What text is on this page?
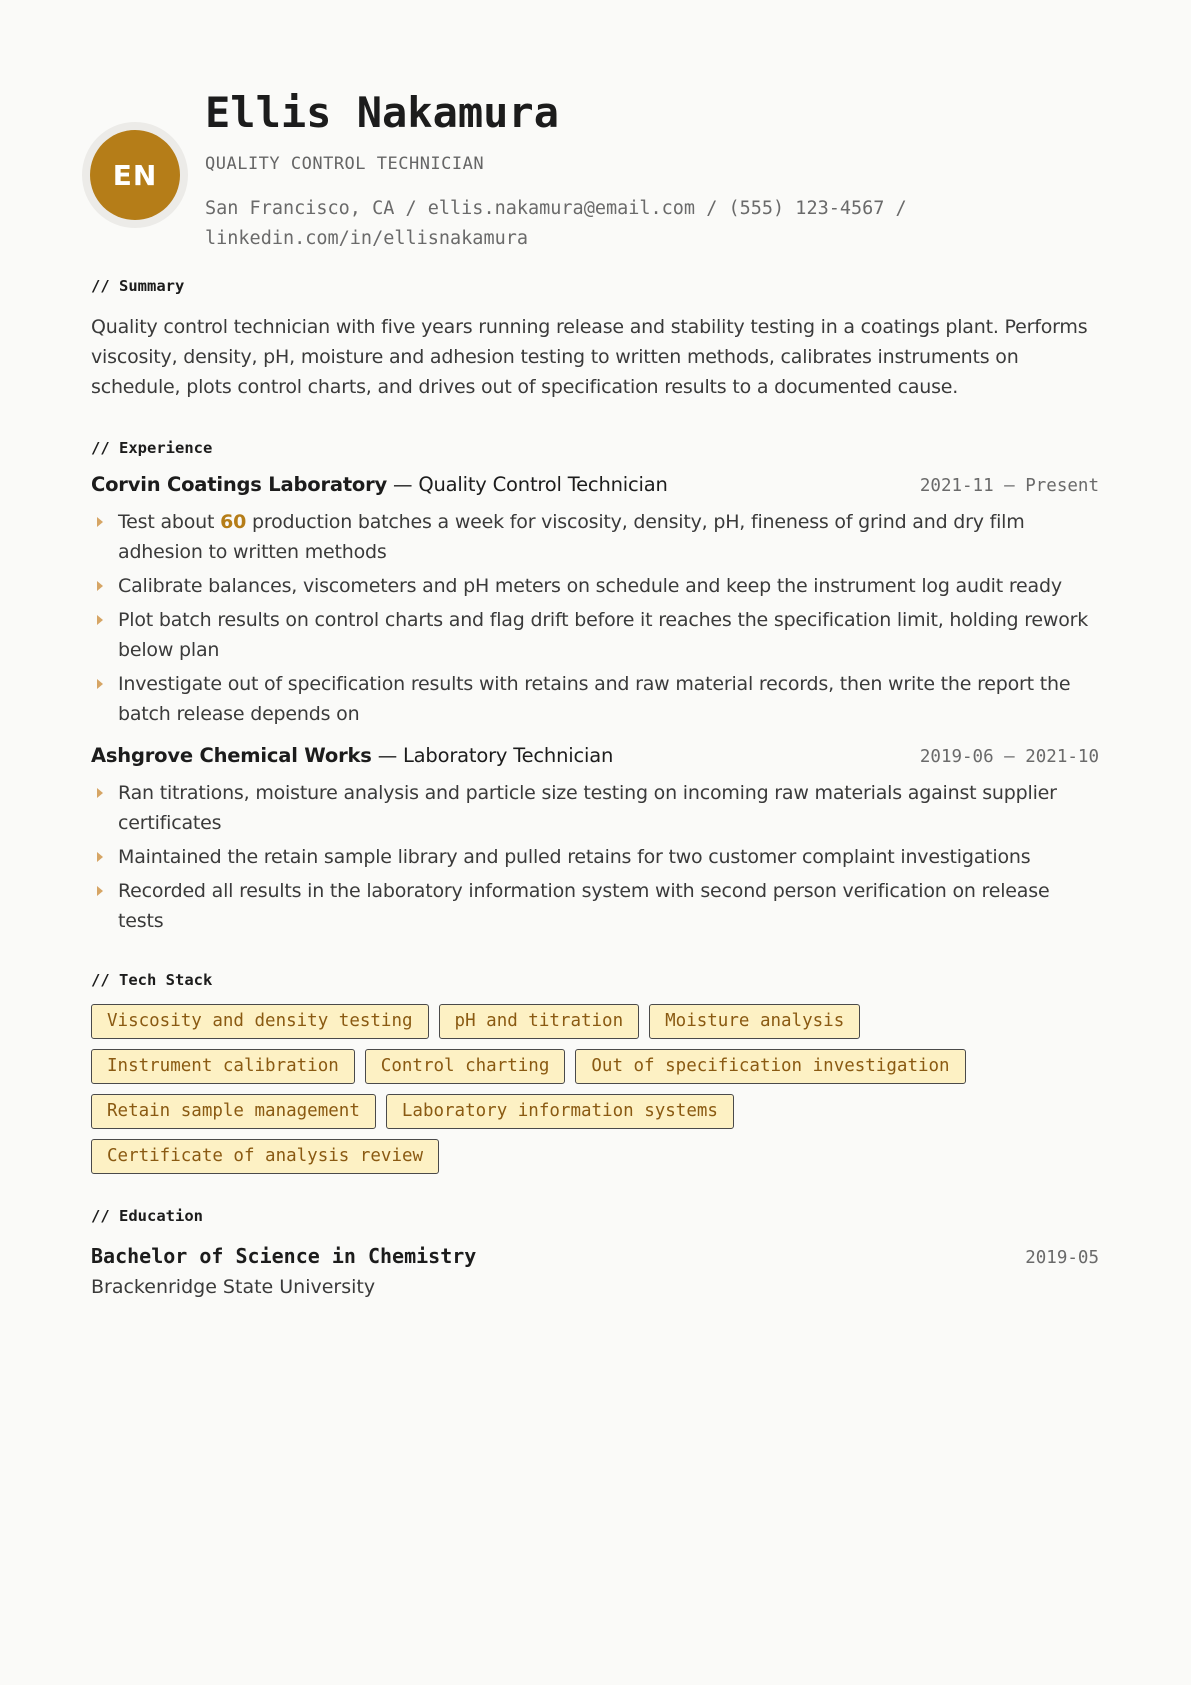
EN
Ellis Nakamura
QUALITY CONTROL TECHNICIAN
San Francisco, CA / ellis.nakamura@email.com / (555) 123-4567 / linkedin.com/in/ellisnakamura
// Summary
Quality control technician with five years running release and stability testing in a coatings plant. Performs viscosity, density, pH, moisture and adhesion testing to written methods, calibrates instruments on schedule, plots control charts, and drives out of specification results to a documented cause.
// Experience
Corvin Coatings Laboratory — Quality Control Technician	2021-11 – Present
Test about 60 production batches a week for viscosity, density, pH, fineness of grind and dry film adhesion to written methods
Calibrate balances, viscometers and pH meters on schedule and keep the instrument log audit ready
Plot batch results on control charts and flag drift before it reaches the specification limit, holding rework below plan
Investigate out of specification results with retains and raw material records, then write the report the batch release depends on
Ashgrove Chemical Works — Laboratory Technician	2019-06 – 2021-10
Ran titrations, moisture analysis and particle size testing on incoming raw materials against supplier certificates
Maintained the retain sample library and pulled retains for two customer complaint investigations
Recorded all results in the laboratory information system with second person verification on release tests
// Tech Stack
Viscosity and density testing	pH and titration	Moisture analysis
Instrument calibration	Control charting	Out of specification investigation
Retain sample management	Laboratory information systems
Certificate of analysis review
// Education
Bachelor of Science in Chemistry	2019-05
Brackenridge State University
